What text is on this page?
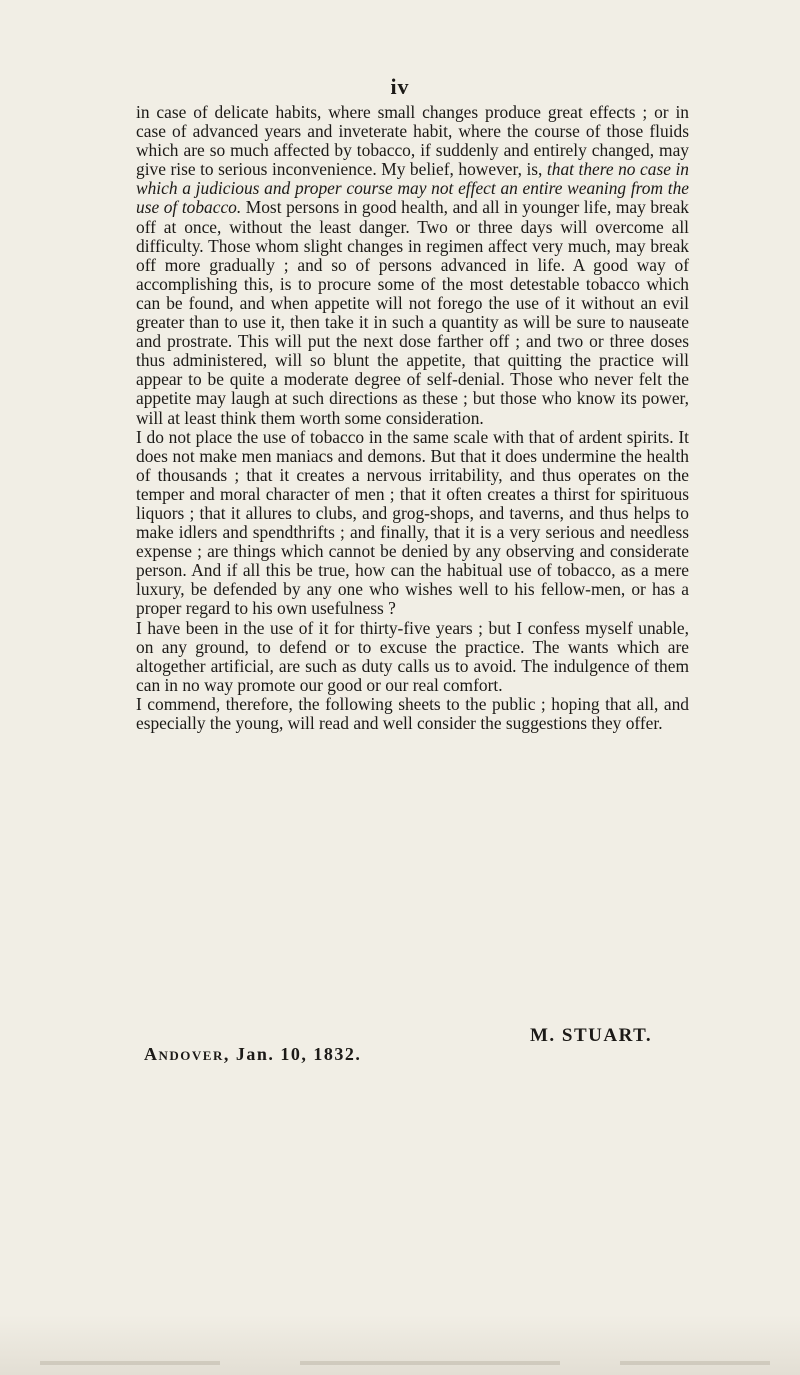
iv

in case of delicate habits, where small changes produce great effects ; or in case of advanced years and inveterate habit, where the course of those fluids which are so much affected by tobacco, if suddenly and entirely changed, may give rise to serious inconvenience. My belief, however, is, that there no case in which a judicious and proper course may not effect an entire weaning from the use of tobacco. Most persons in good health, and all in younger life, may break off at once, without the least danger. Two or three days will overcome all difficulty. Those whom slight changes in regimen affect very much, may break off more gradually ; and so of persons advanced in life. A good way of accomplishing this, is to procure some of the most detestable tobacco which can be found, and when appetite will not forego the use of it without an evil greater than to use it, then take it in such a quantity as will be sure to nauseate and prostrate. This will put the next dose farther off ; and two or three doses thus administered, will so blunt the appetite, that quitting the practice will appear to be quite a moderate degree of self-denial. Those who never felt the appetite may laugh at such directions as these ; but those who know its power, will at least think them worth some consideration.

I do not place the use of tobacco in the same scale with that of ardent spirits. It does not make men maniacs and demons. But that it does undermine the health of thousands ; that it creates a nervous irritability, and thus operates on the temper and moral character of men ; that it often creates a thirst for spirituous liquors ; that it allures to clubs, and grog-shops, and taverns, and thus helps to make idlers and spendthrifts ; and finally, that it is a very serious and needless expense ; are things which cannot be denied by any observing and considerate person. And if all this be true, how can the habitual use of tobacco, as a mere luxury, be defended by any one who wishes well to his fellow-men, or has a proper regard to his own usefulness ?

I have been in the use of it for thirty-five years ; but I confess myself unable, on any ground, to defend or to excuse the practice. The wants which are altogether artificial, are such as duty calls us to avoid. The indulgence of them can in no way promote our good or our real comfort.

I commend, therefore, the following sheets to the public ; hoping that all, and especially the young, will read and well consider the suggestions they offer.

M. STUART.
Andover, Jan. 10, 1832.
